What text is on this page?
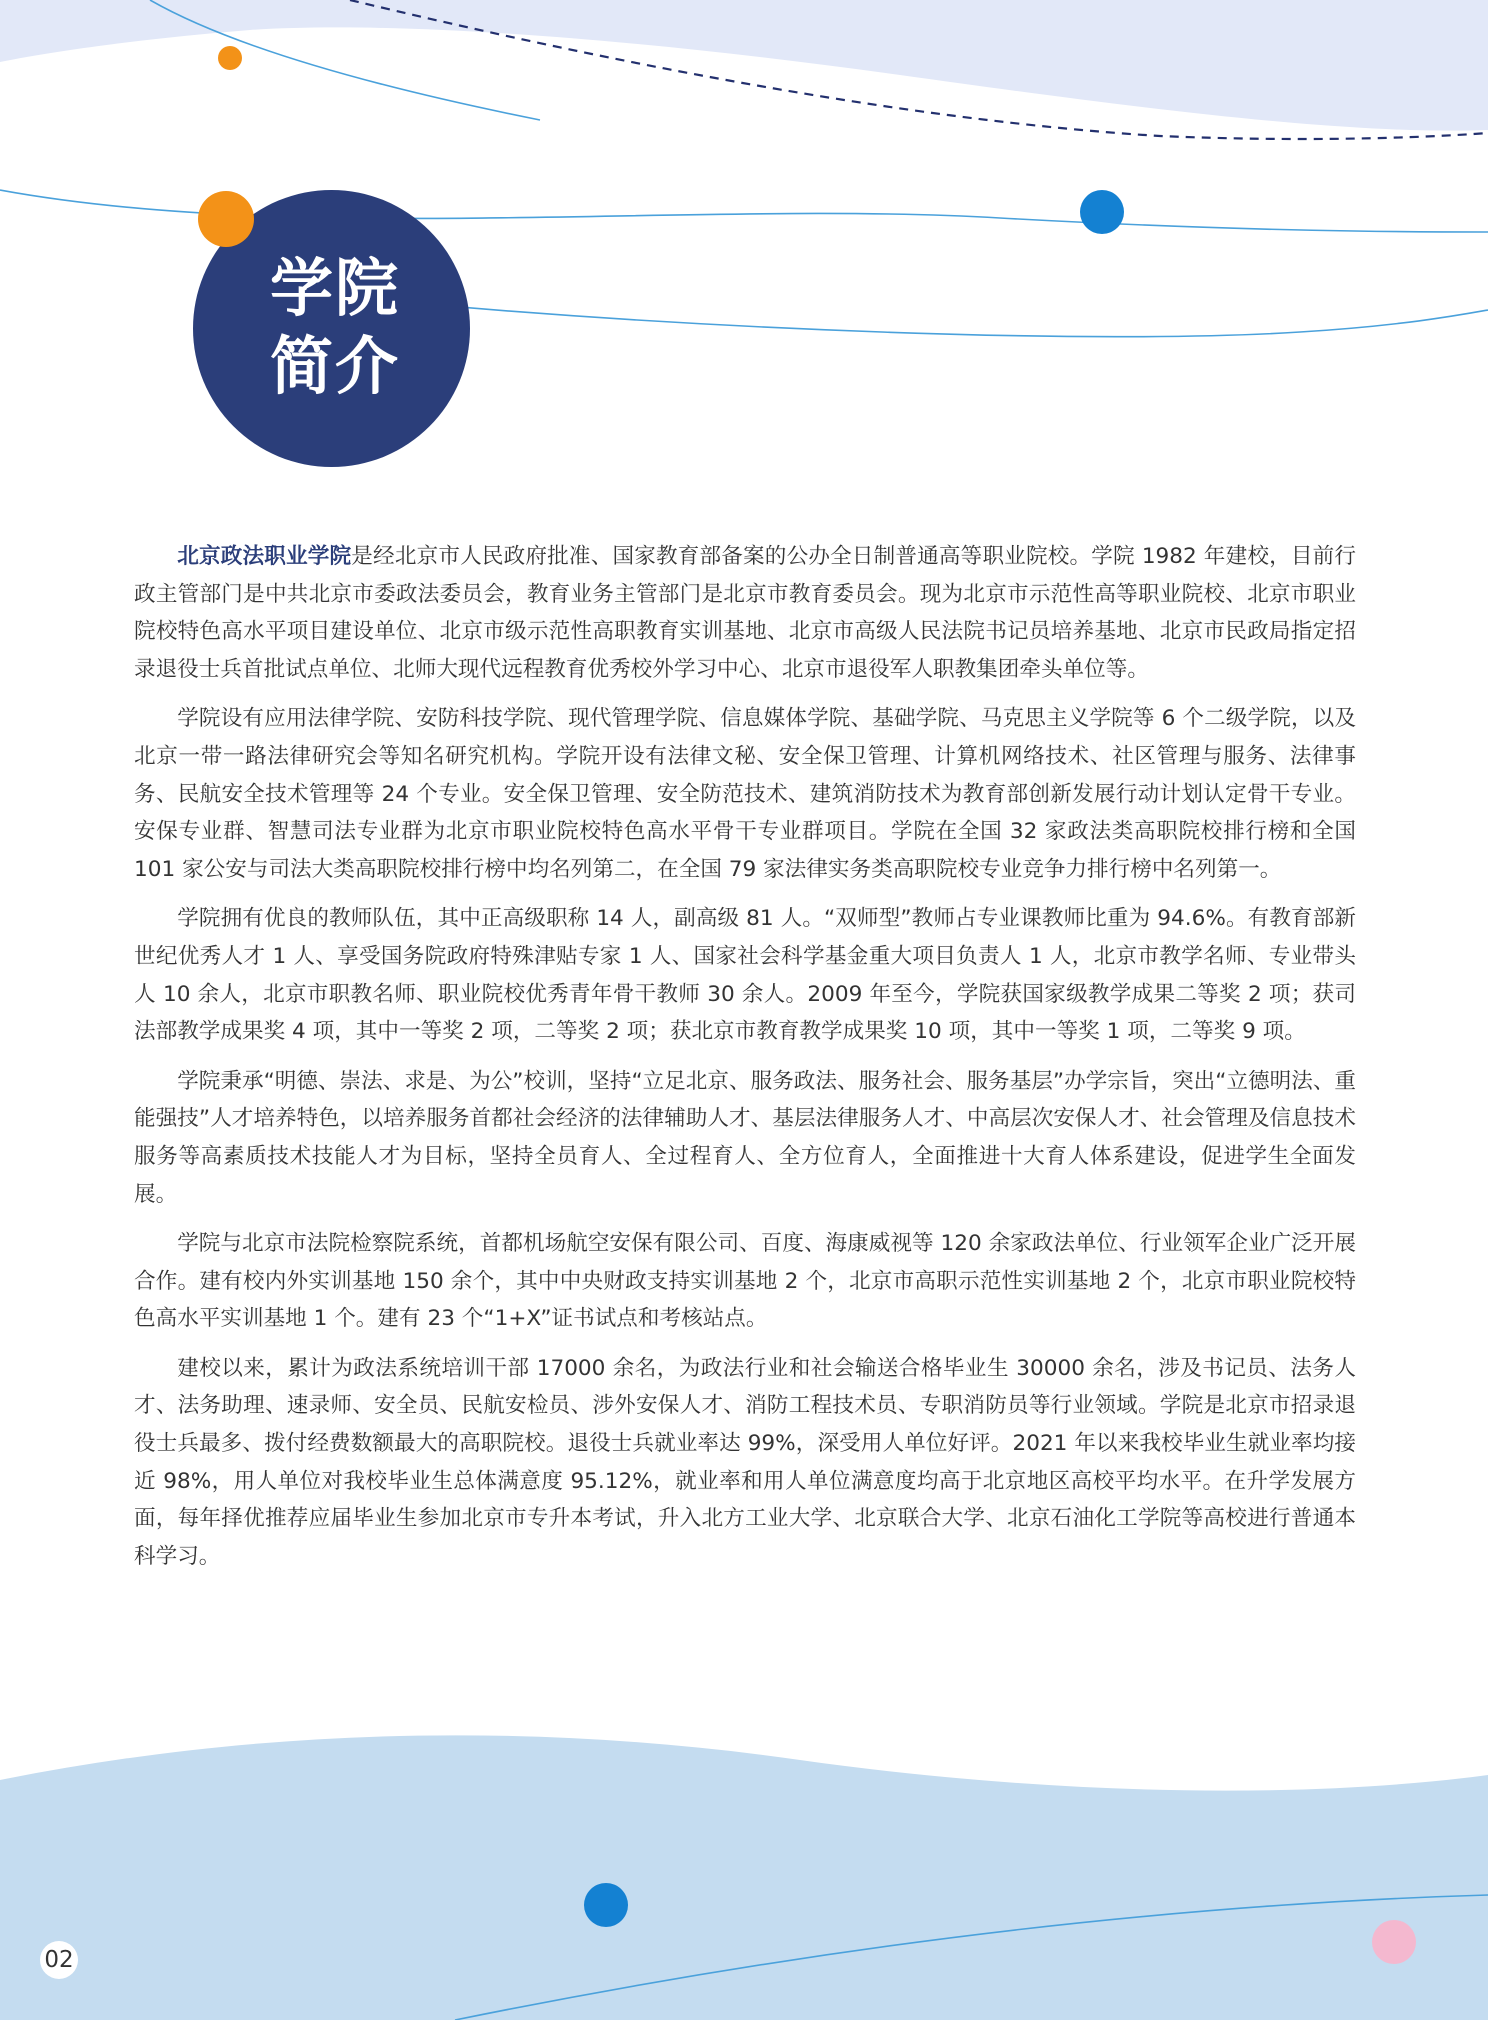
学院
简介

北京政法职业学院是经北京市人民政府批准、国家教育部备案的公办全日制普通高等职业院校。学院 1982 年建校，目前行政主管部门是中共北京市委政法委员会，教育业务主管部门是北京市教育委员会。现为北京市示范性高等职业院校、北京市职业院校特色高水平项目建设单位、北京市级示范性高职教育实训基地、北京市高级人民法院书记员培养基地、北京市民政局指定招录退役士兵首批试点单位、北师大现代远程教育优秀校外学习中心、北京市退役军人职教集团牵头单位等。

学院设有应用法律学院、安防科技学院、现代管理学院、信息媒体学院、基础学院、马克思主义学院等 6 个二级学院，以及北京一带一路法律研究会等知名研究机构。学院开设有法律文秘、安全保卫管理、计算机网络技术、社区管理与服务、法律事务、民航安全技术管理等 24 个专业。安全保卫管理、安全防范技术、建筑消防技术为教育部创新发展行动计划认定骨干专业。安保专业群、智慧司法专业群为北京市职业院校特色高水平骨干专业群项目。学院在全国 32 家政法类高职院校排行榜和全国 101 家公安与司法大类高职院校排行榜中均名列第二，在全国 79 家法律实务类高职院校专业竞争力排行榜中名列第一。

学院拥有优良的教师队伍，其中正高级职称 14 人，副高级 81 人。“双师型”教师占专业课教师比重为 94.6%。有教育部新世纪优秀人才 1 人、享受国务院政府特殊津贴专家 1 人、国家社会科学基金重大项目负责人 1 人，北京市教学名师、专业带头人 10 余人，北京市职教名师、职业院校优秀青年骨干教师 30 余人。2009 年至今，学院获国家级教学成果二等奖 2 项；获司法部教学成果奖 4 项，其中一等奖 2 项，二等奖 2 项；获北京市教育教学成果奖 10 项，其中一等奖 1 项，二等奖 9 项。

学院秉承“明德、崇法、求是、为公”校训，坚持“立足北京、服务政法、服务社会、服务基层”办学宗旨，突出“立德明法、重能强技”人才培养特色，以培养服务首都社会经济的法律辅助人才、基层法律服务人才、中高层次安保人才、社会管理及信息技术服务等高素质技术技能人才为目标，坚持全员育人、全过程育人、全方位育人，全面推进十大育人体系建设，促进学生全面发展。

学院与北京市法院检察院系统，首都机场航空安保有限公司、百度、海康威视等 120 余家政法单位、行业领军企业广泛开展合作。建有校内外实训基地 150 余个，其中中央财政支持实训基地 2 个，北京市高职示范性实训基地 2 个，北京市职业院校特色高水平实训基地 1 个。建有 23 个“1+X”证书试点和考核站点。

建校以来，累计为政法系统培训干部 17000 余名，为政法行业和社会输送合格毕业生 30000 余名，涉及书记员、法务人才、法务助理、速录师、安全员、民航安检员、涉外安保人才、消防工程技术员、专职消防员等行业领域。学院是北京市招录退役士兵最多、拨付经费数额最大的高职院校。退役士兵就业率达 99%，深受用人单位好评。2021 年以来我校毕业生就业率均接近 98%，用人单位对我校毕业生总体满意度 95.12%，就业率和用人单位满意度均高于北京地区高校平均水平。在升学发展方面，每年择优推荐应届毕业生参加北京市专升本考试，升入北方工业大学、北京联合大学、北京石油化工学院等高校进行普通本科学习。

02
